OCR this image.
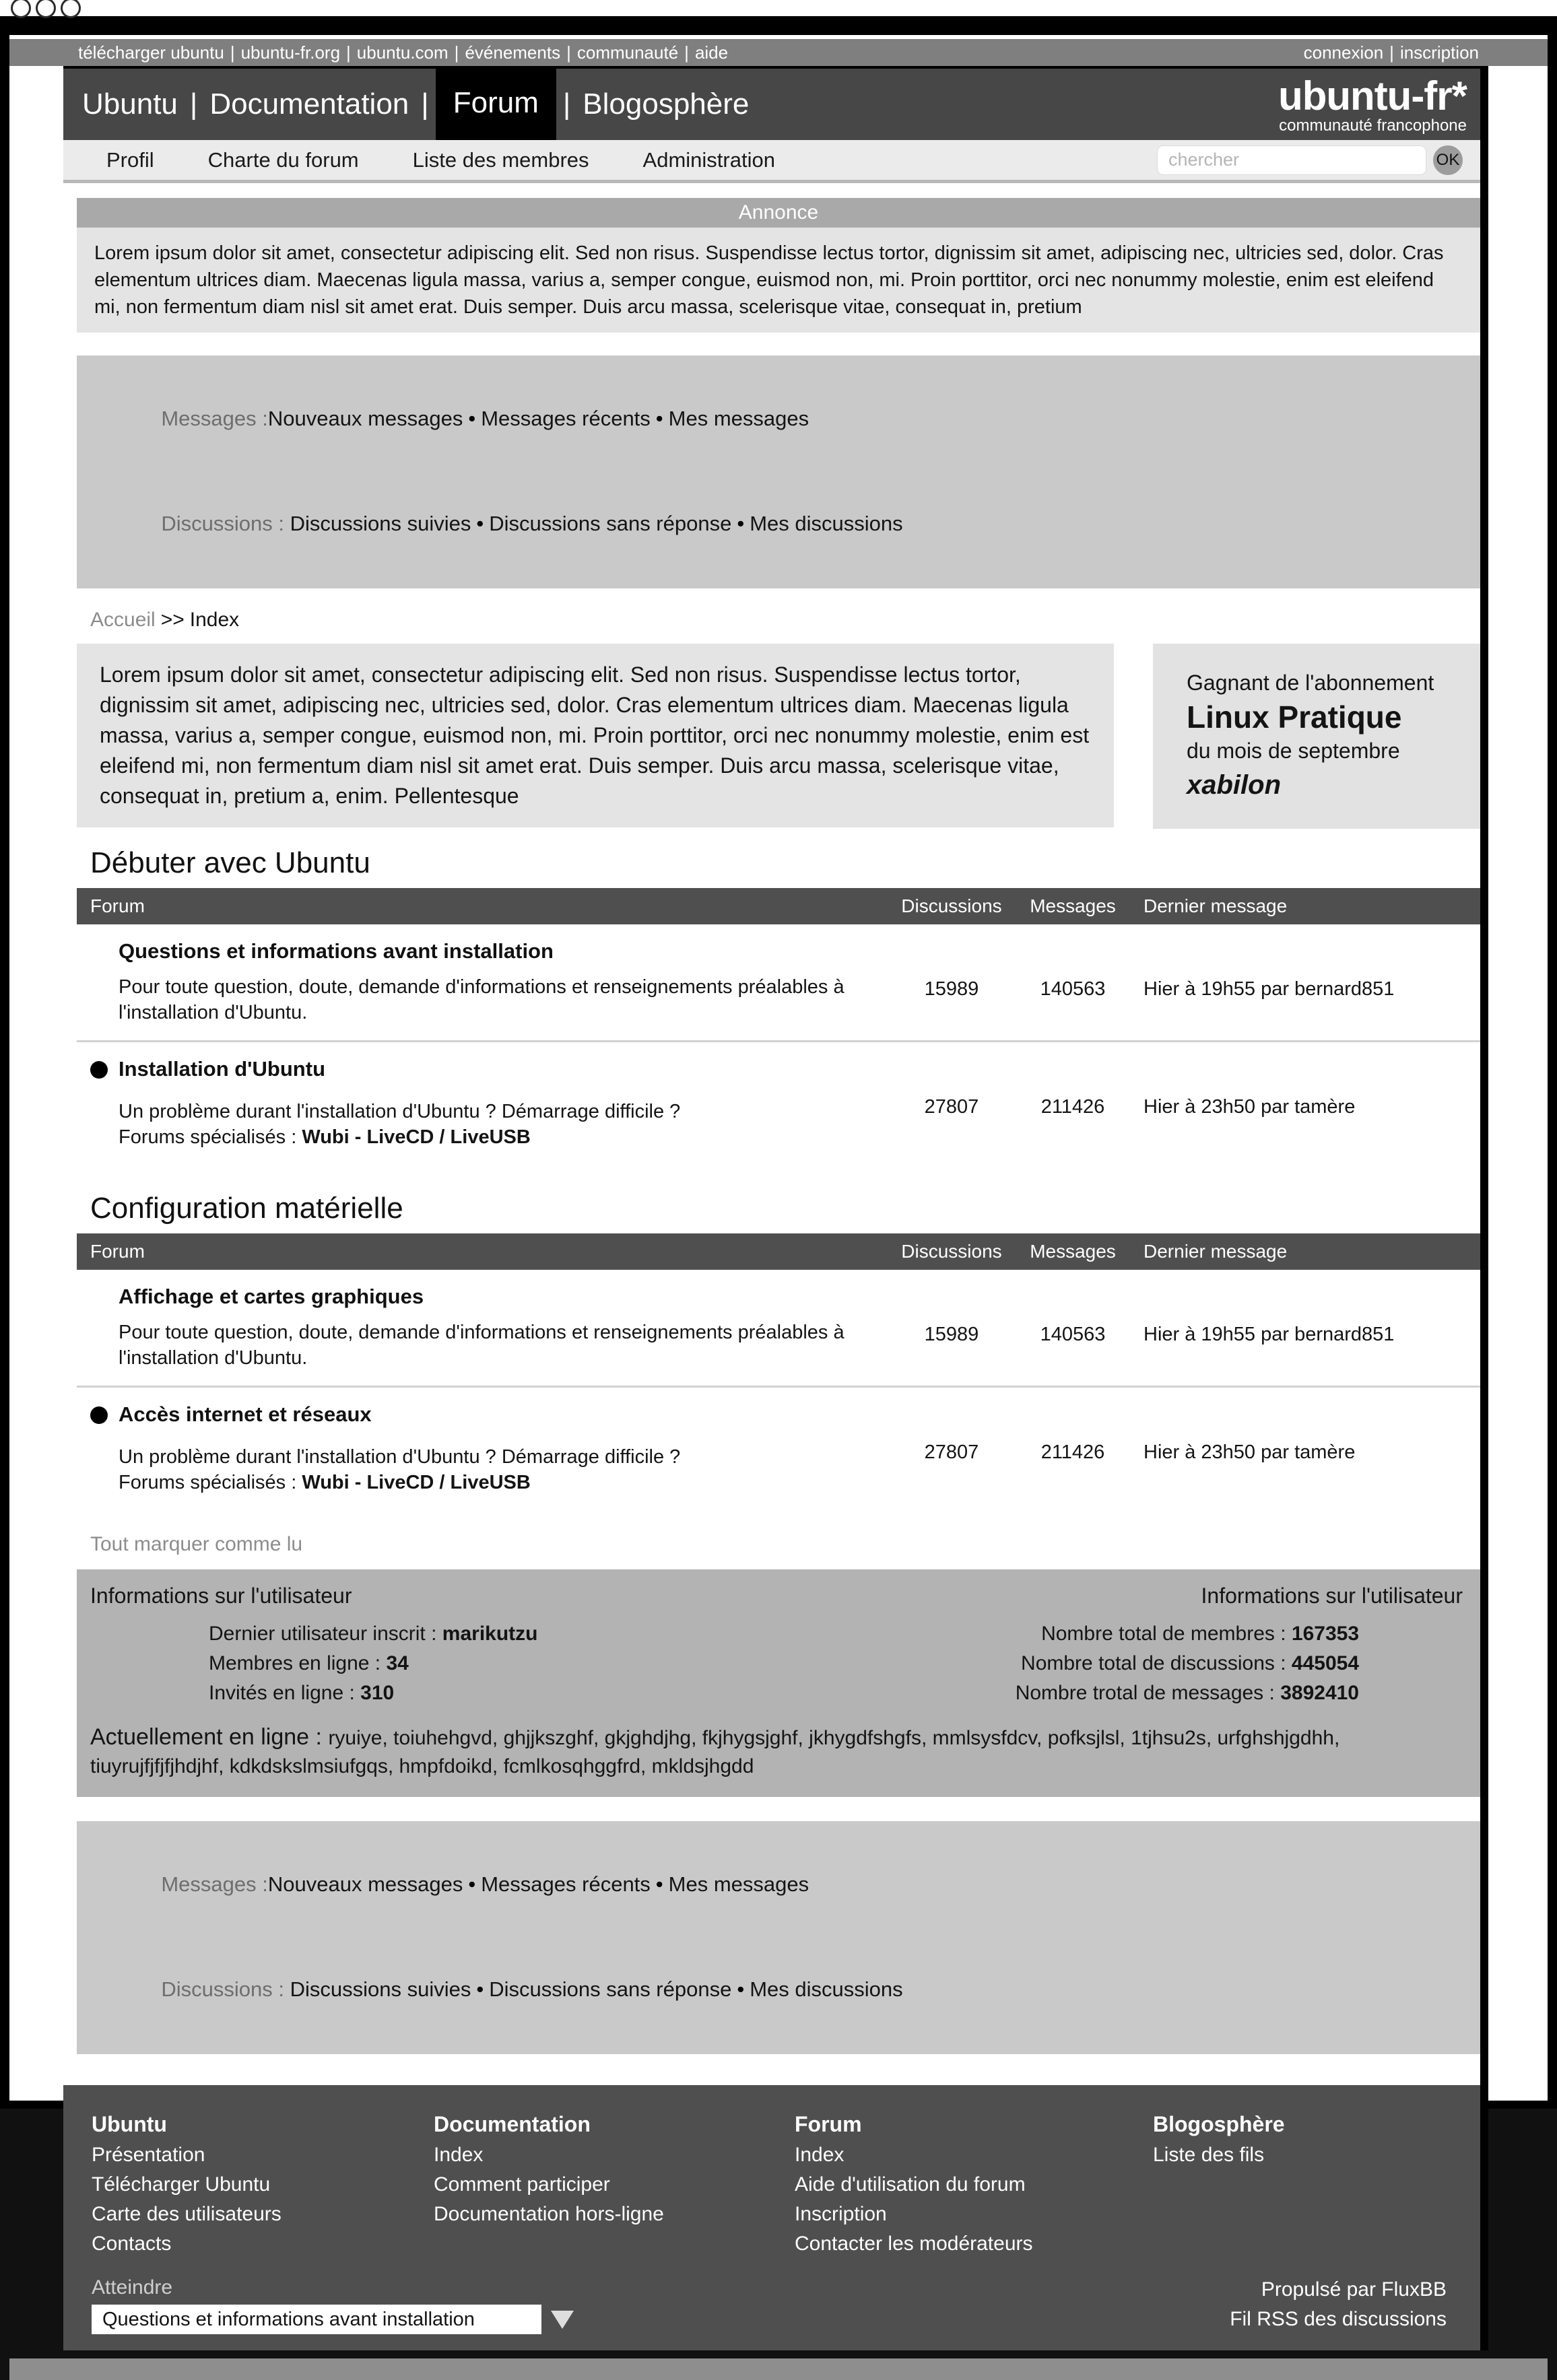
télécharger ubuntu | ubuntu-fr.org | ubuntu.com | événements | communauté | aide	connexion | inscription
Ubuntu | Documentation | Forum | Blogosphère	ubuntu-fr*
communauté francophone
Profil	Charte du forum	Liste des membres	Administration
chercher	OK
Annonce
Lorem ipsum dolor sit amet, consectetur adipiscing elit. Sed non risus. Suspendisse lectus tortor, dignissim sit amet, adipiscing nec, ultricies sed, dolor. Cras elementum ultrices diam. Maecenas ligula massa, varius a, semper congue, euismod non, mi. Proin porttitor, orci nec nonummy molestie, enim est eleifend mi, non fermentum diam nisl sit amet erat. Duis semper. Duis arcu massa, scelerisque vitae, consequat in, pretium

Messages :Nouveaux messages • Messages récents • Mes messages

Discussions : Discussions suivies • Discussions sans réponse • Mes discussions

Accueil >> Index
Lorem ipsum dolor sit amet, consectetur adipiscing elit. Sed non risus. Suspendisse lectus tortor, dignissim sit amet, adipiscing nec, ultricies sed, dolor. Cras elementum ultrices diam. Maecenas ligula massa, varius a, semper congue, euismod non, mi. Proin porttitor, orci nec nonummy molestie, enim est eleifend mi, non fermentum diam nisl sit amet erat. Duis semper. Duis arcu massa, scelerisque vitae, consequat in, pretium a, enim. Pellentesque
Gagnant de l'abonnement
Linux Pratique
du mois de septembre
xabilon
Débuter avec Ubuntu
Forum	Discussions	Messages	Dernier message
Questions et informations avant installation
Pour toute question, doute, demande d'informations et renseignements préalables à l'installation d'Ubuntu.
15989	140563	Hier à 19h55 par bernard851
Installation d'Ubuntu
Un problème durant l'installation d'Ubuntu ? Démarrage difficile ?
Forums spécialisés : Wubi - LiveCD / LiveUSB
27807	211426	Hier à 23h50 par tamère
Configuration matérielle
Forum	Discussions	Messages	Dernier message
Affichage et cartes graphiques
Pour toute question, doute, demande d'informations et renseignements préalables à l'installation d'Ubuntu.
15989	140563	Hier à 19h55 par bernard851
Accès internet et réseaux
Un problème durant l'installation d'Ubuntu ? Démarrage difficile ?
Forums spécialisés : Wubi - LiveCD / LiveUSB
27807	211426	Hier à 23h50 par tamère
Tout marquer comme lu
Informations sur l'utilisateur
Dernier utilisateur inscrit : marikutzu
Membres en ligne : 34
Invités en ligne : 310
Informations sur l'utilisateur
Nombre total de membres : 167353
Nombre total de discussions : 445054
Nombre trotal de messages : 3892410
Actuellement en ligne : ryuiye, toiuhehgvd, ghjjkszghf, gkjghdjhg, fkjhygsjghf, jkhygdfshgfs, mmlsysfdcv, pofksjlsl, 1tjhsu2s, urfghshjgdhh, tiuyrujfjfjfjhdjhf, kdkdskslmsiufgqs, hmpfdoikd, fcmlkosqhggfrd, mkldsjhgdd

Messages :Nouveaux messages • Messages récents • Mes messages

Discussions : Discussions suivies • Discussions sans réponse • Mes discussions

Ubuntu
Présentation
Télécharger Ubuntu
Carte des utilisateurs
Contacts
Documentation
Index
Comment participer
Documentation hors-ligne
Forum
Index
Aide d'utilisation du forum
Inscription
Contacter les modérateurs
Blogosphère
Liste des fils
Atteindre
Questions et informations avant installation
Propulsé par FluxBB
Fil RSS des discussions
